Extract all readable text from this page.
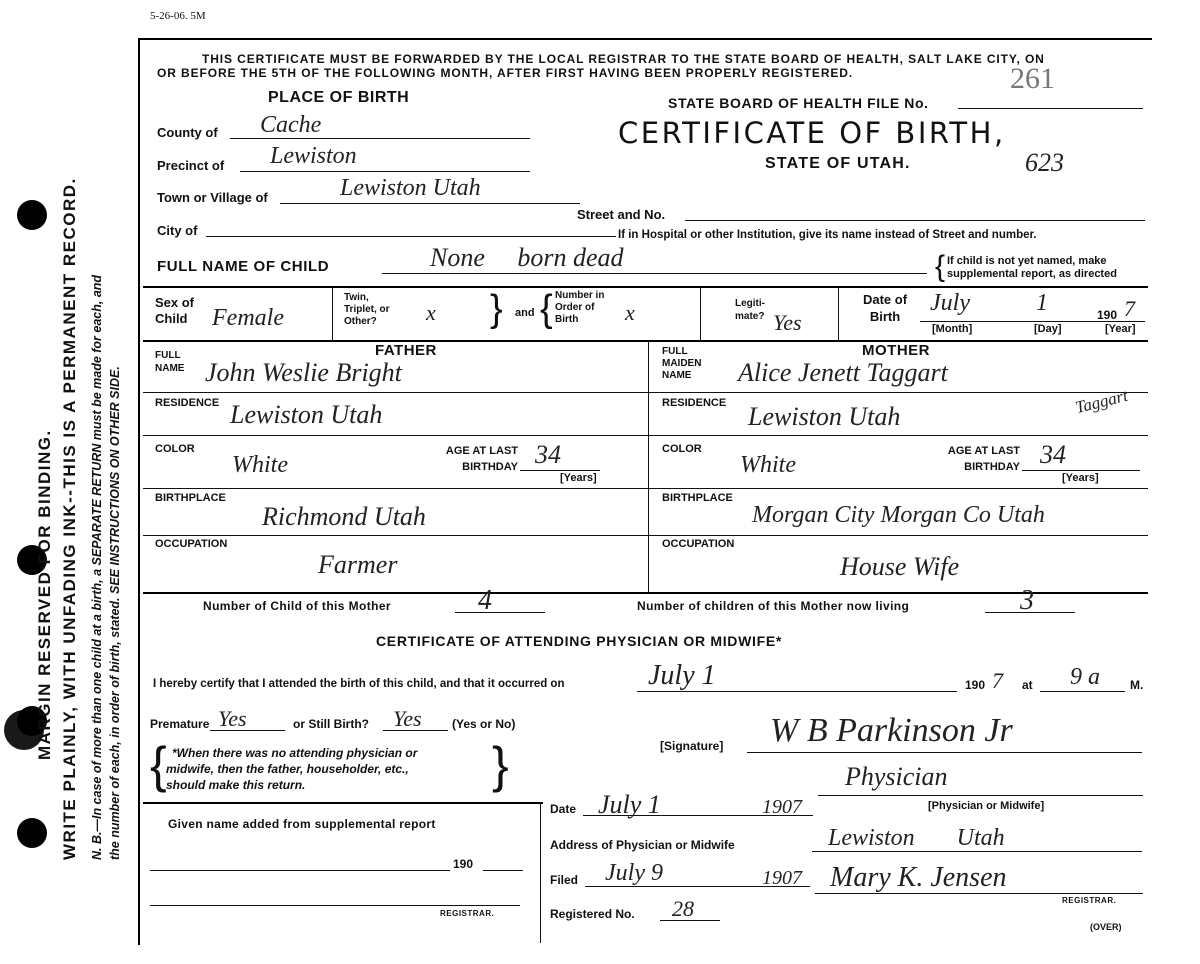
WRITE PLAINLY, WITH UNFADING INK--THIS IS A PERMANENT RECORD.
MARGIN RESERVED FOR BINDING.	N. B.—In case of more than one child at a birth, a SEPARATE RETURN must be made for each, and the number of each, in order of birth, stated. SEE INSTRUCTIONS ON OTHER SIDE.
5-26-06. 5M
THIS CERTIFICATE MUST BE FORWARDED BY THE LOCAL REGISTRAR TO THE STATE BOARD OF HEALTH, SALT LAKE CITY, ON
OR BEFORE THE 5TH OF THE FOLLOWING MONTH, AFTER FIRST HAVING BEEN PROPERLY REGISTERED.	261
PLACE OF BIRTH
County of Cache
Precinct of Lewiston
Town or Village of	Lewiston Utah
City of
Street and No.
If in Hospital or other Institution, give its name instead of Street and number.
STATE BOARD OF HEALTH FILE No.
CERTIFICATE OF BIRTH,
STATE OF UTAH.	623
FULL NAME OF CHILD	None     born dead	{ If child is not yet named, make
supplemental report, as directed
Sex of Child	Female
Twin, Triplet, or Other?	x } and { Number in Order of Birth	x	Legiti- mate? Yes
Date of Birth
July	1	190 7
[Month]	[Day]	[Year]
FATHER
FULL NAME John Weslie Bright
RESIDENCE Lewiston Utah
COLOR
White
AGE AT LAST BIRTHDAY 34
[Years]
BIRTHPLACE
Richmond Utah
OCCUPATION
Farmer
MOTHER
FULL MAIDEN NAME	Alice Jenett Taggart
RESIDENCE Lewiston Utah	Taggart
COLOR
White
AGE AT LAST BIRTHDAY 34
[Years]
BIRTHPLACE
Morgan City Morgan Co Utah
OCCUPATION
House Wife
Number of Child of this Mother	4	Number of children of this Mother now living	3
CERTIFICATE OF ATTENDING PHYSICIAN OR MIDWIFE*
I hereby certify that I attended the birth of this child, and that it occurred on	July 1	190 7 at 9 a	M.
Premature Yes	or Still Birth? Yes	(Yes or No)
{ *When there was no attending physician or
midwife, then the father, householder, etc.,
should make this return.	}	[Signature] W B Parkinson Jr
Physician
[Physician or Midwife]
Given name added from supplemental report
190
REGISTRAR.
Date July 1	1907
Address of Physician or Midwife	Lewiston       Utah
Filed July 9	1907 Mary K. Jensen
REGISTRAR.
Registered No. 28
(OVER)
